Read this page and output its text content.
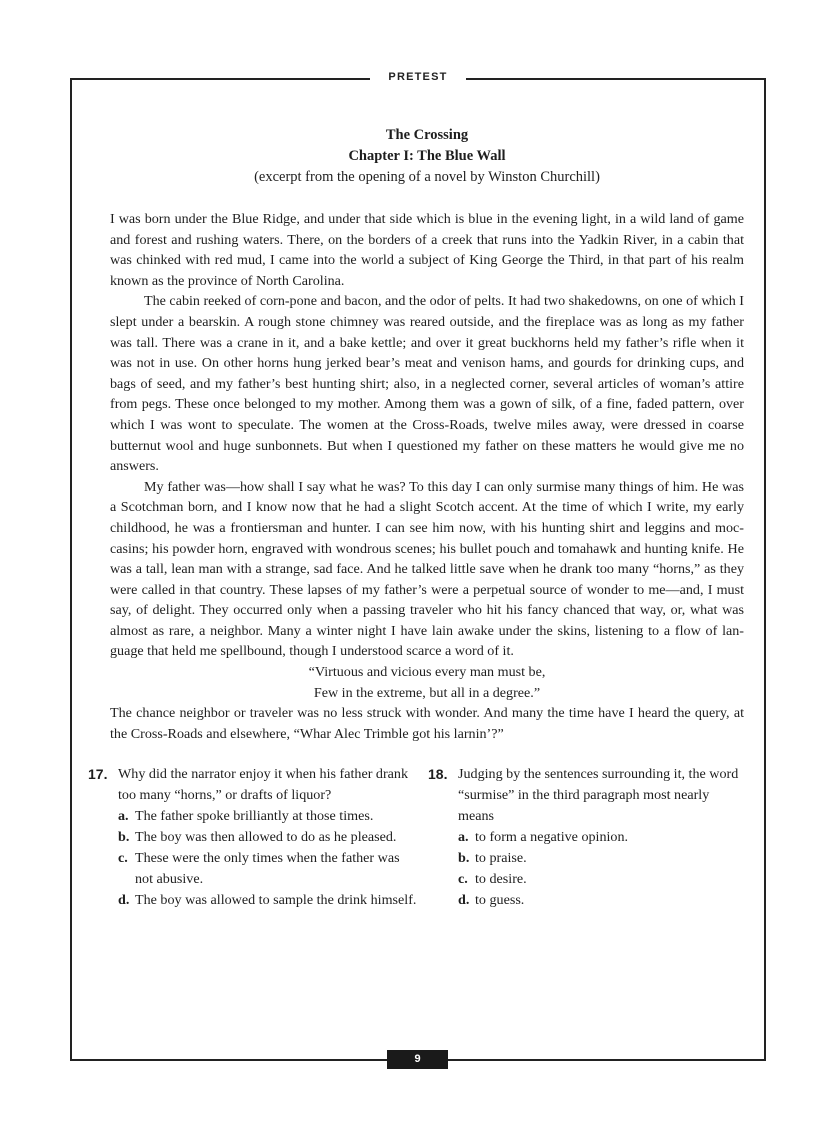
PRETEST
9
The Crossing
Chapter I: The Blue Wall
(excerpt from the opening of a novel by Winston Churchill)

I was born under the Blue Ridge, and under that side which is blue in the evening light, in a wild land of game and forest and rushing waters. There, on the borders of a creek that runs into the Yadkin River, in a cabin that was chinked with red mud, I came into the world a subject of King George the Third, in that part of his realm known as the province of North Carolina.

The cabin reeked of corn-pone and bacon, and the odor of pelts. It had two shakedowns, on one of which I slept under a bearskin. A rough stone chimney was reared outside, and the fireplace was as long as my father was tall. There was a crane in it, and a bake kettle; and over it great buckhorns held my father’s rifle when it was not in use. On other horns hung jerked bear’s meat and venison hams, and gourds for drinking cups, and bags of seed, and my father’s best hunting shirt; also, in a neglected corner, several articles of woman’s attire from pegs. These once belonged to my mother. Among them was a gown of silk, of a fine, faded pattern, over which I was wont to speculate. The women at the Cross-Roads, twelve miles away, were dressed in coarse butternut wool and huge sunbonnets. But when I questioned my father on these matters he would give me no answers.

My father was—how shall I say what he was? To this day I can only surmise many things of him. He was a Scotchman born, and I know now that he had a slight Scotch accent. At the time of which I write, my early childhood, he was a frontiersman and hunter. I can see him now, with his hunting shirt and leggins and moccasins; his powder horn, engraved with wondrous scenes; his bullet pouch and tomahawk and hunting knife. He was a tall, lean man with a strange, sad face. And he talked little save when he drank too many “horns,” as they were called in that country. These lapses of my father’s were a perpetual source of wonder to me—and, I must say, of delight. They occurred only when a passing traveler who hit his fancy chanced that way, or, what was almost as rare, a neighbor. Many a winter night I have lain awake under the skins, listening to a flow of language that held me spellbound, though I understood scarce a word of it.

“Virtuous and vicious every man must be,

Few in the extreme, but all in a degree.”

The chance neighbor or traveler was no less struck with wonder. And many the time have I heard the query, at the Cross-Roads and elsewhere, “Whar Alec Trimble got his larnin’?”

17. Why did the narrator enjoy it when his father drank too many “horns,” or drafts of liquor?
a. The father spoke brilliantly at those times.
b. The boy was then allowed to do as he pleased.
c. These were the only times when the father was not abusive.
d. The boy was allowed to sample the drink himself.
18. Judging by the sentences surrounding it, the word “surmise” in the third paragraph most nearly means
a. to form a negative opinion.
b. to praise.
c. to desire.
d. to guess.
